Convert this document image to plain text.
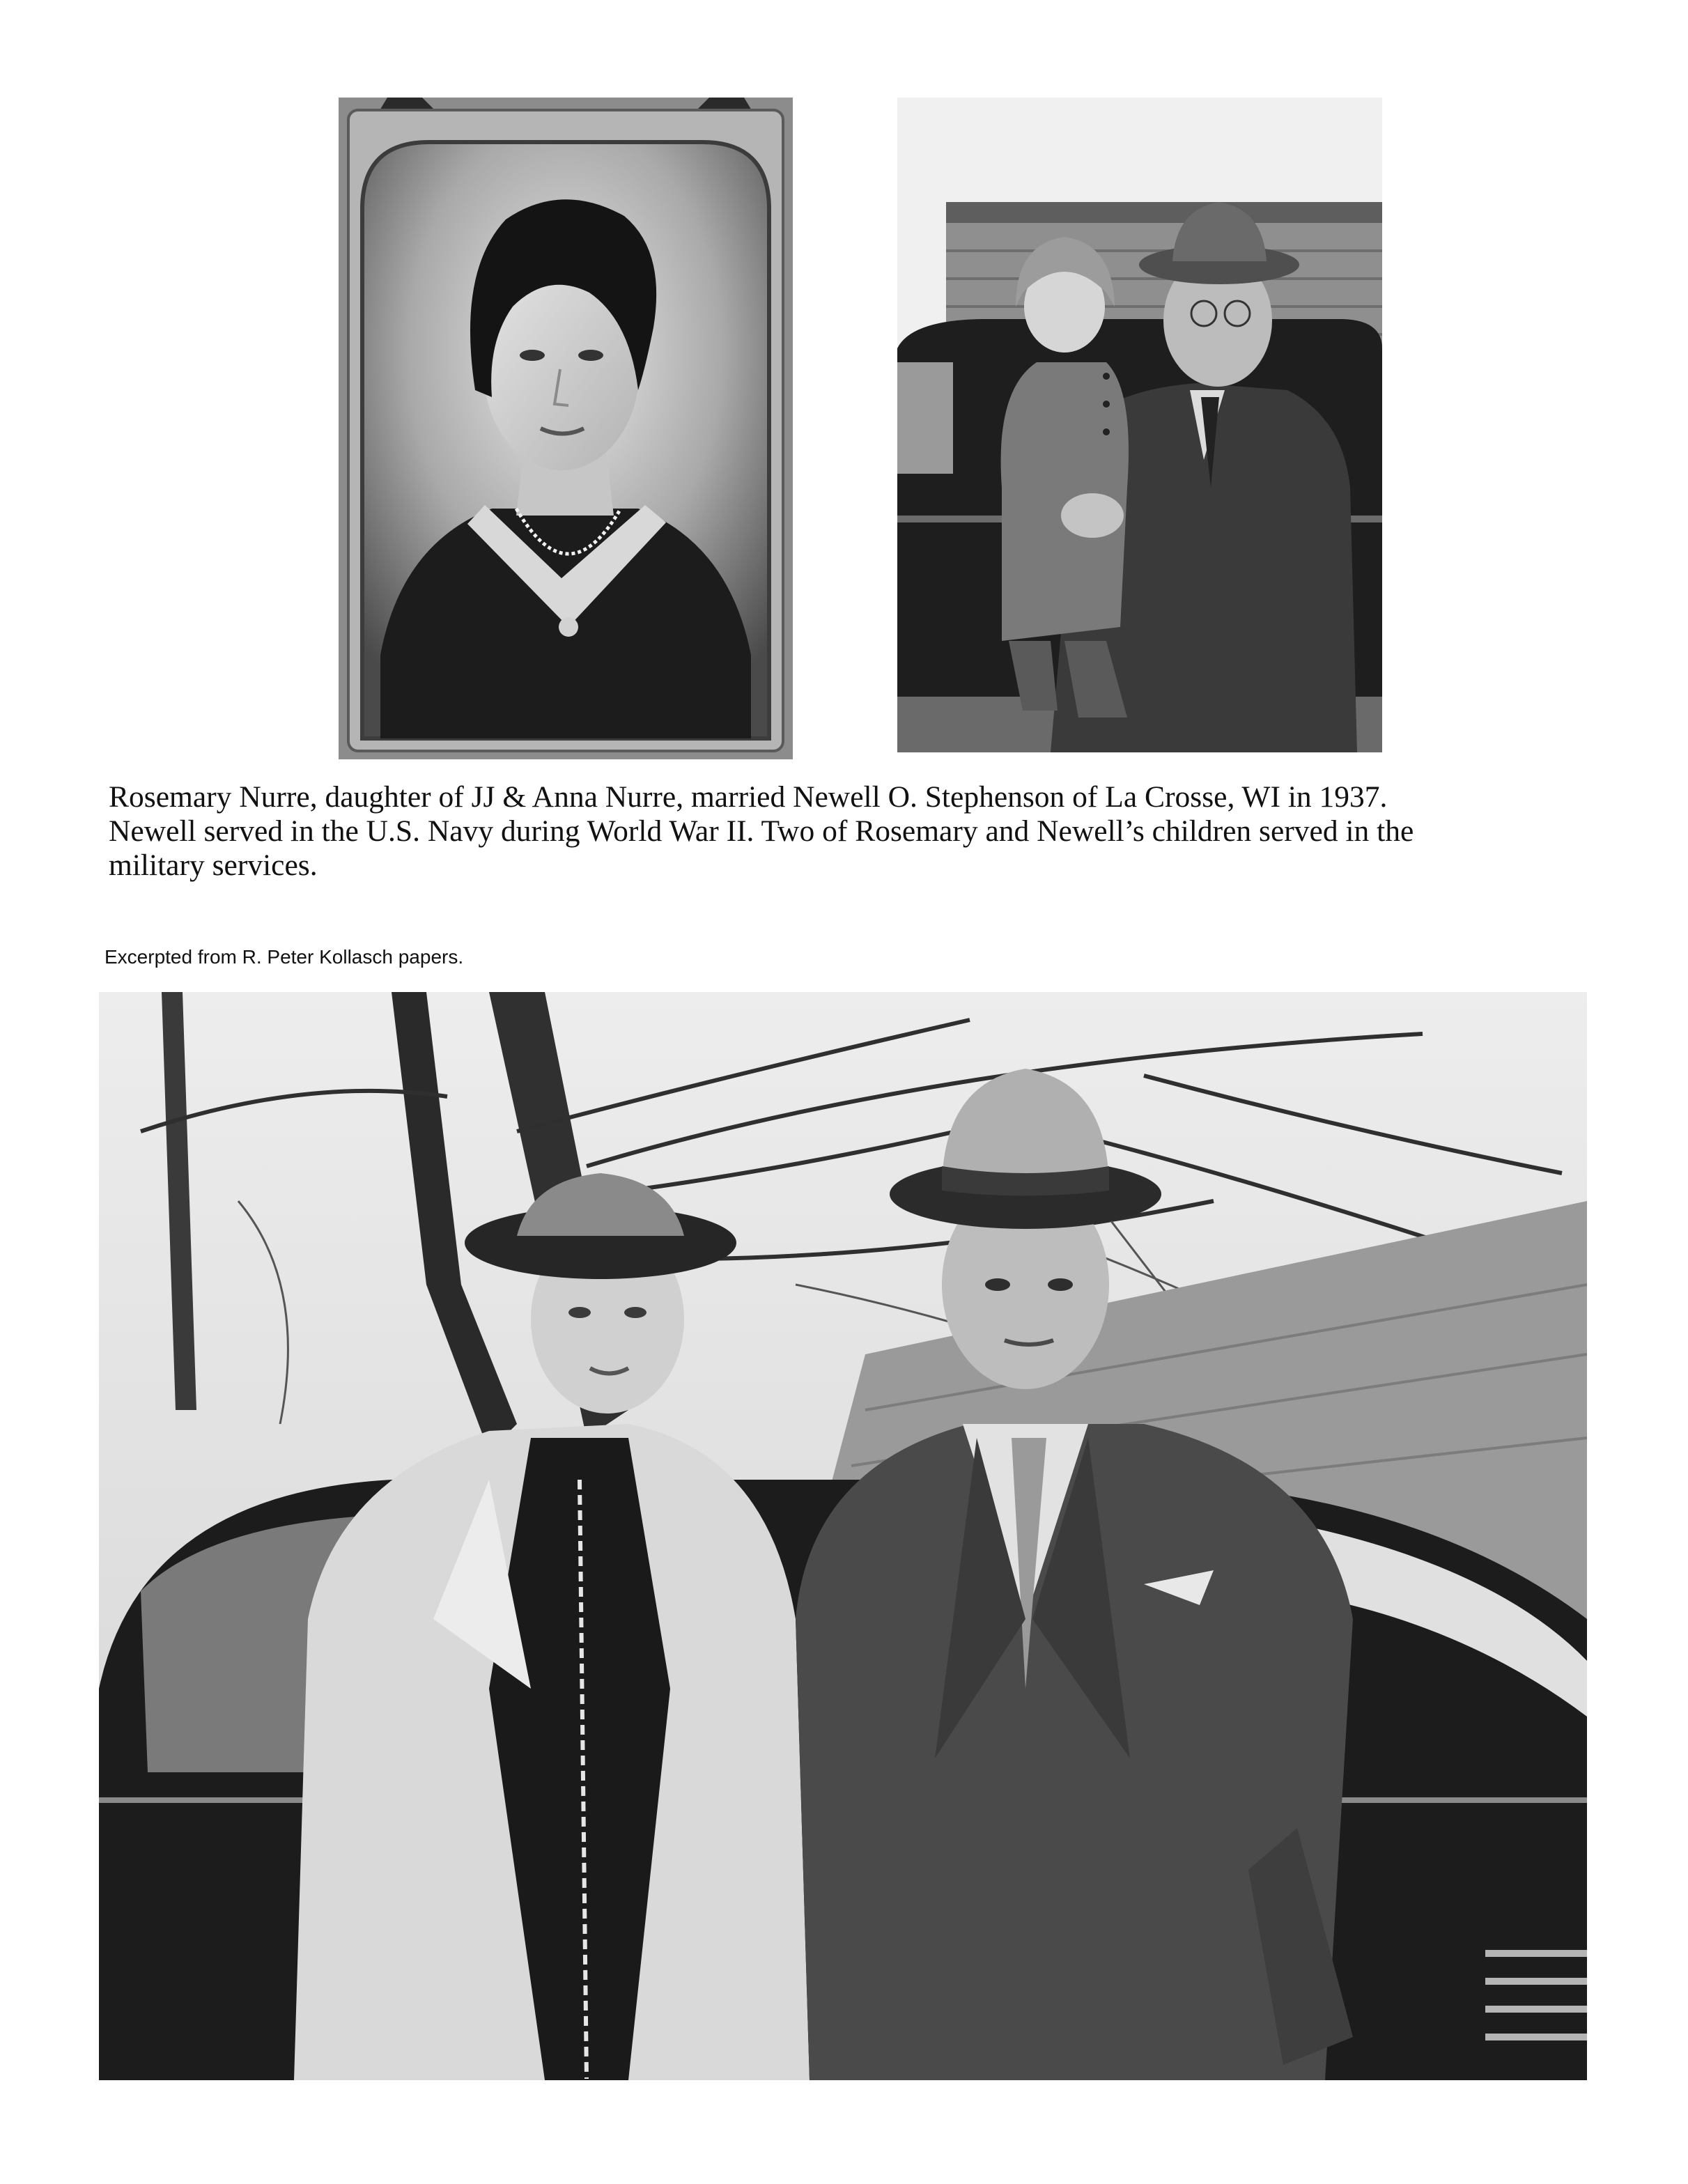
Rosemary Nurre, daughter of JJ & Anna Nurre, married Newell O. Stephenson of La Crosse, WI in 1937.
Newell served in the U.S. Navy during World War II. Two of Rosemary and Newell’s children served in the
military services.

Excerpted from R. Peter Kollasch papers.
